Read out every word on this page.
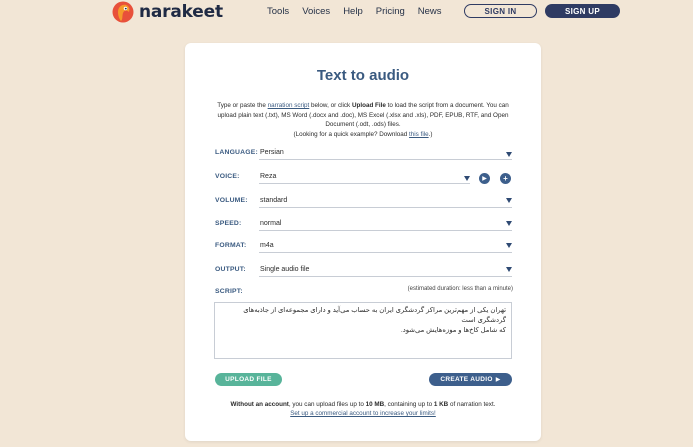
narakeet	Tools Voices Help Pricing News	SIGN IN	SIGN UP
Text to audio
Type or paste the narration script below, or click Upload File to load the script from a document. You can upload plain text (.txt), MS Word (.docx and .doc), MS Excel (.xlsx and .xls), PDF, EPUB, RTF, and Open Document (.odt, .ods) files.
(Looking for a quick example? Download this file.)
LANGUAGE: Persian
VOICE:	Reza	▶ +
VOLUME: standard
SPEED:	normal
FORMAT: m4a
OUTPUT: Single audio file
SCRIPT:	(estimated duration: less than a minute)
تهران یکی از مهم‌ترین مراکز گردشگری ایران به حساب می‌آید و دارای مجموعه‌ای از جاذبه‌های گردشگری است
که شامل کاخ‌ها و موزه‌هایش می‌شود.
UPLOAD FILE	CREATE AUDIO ▶
Without an account, you can upload files up to 10 MB, containing up to 1 KB of narration text.
Set up a commercial account to increase your limits!
